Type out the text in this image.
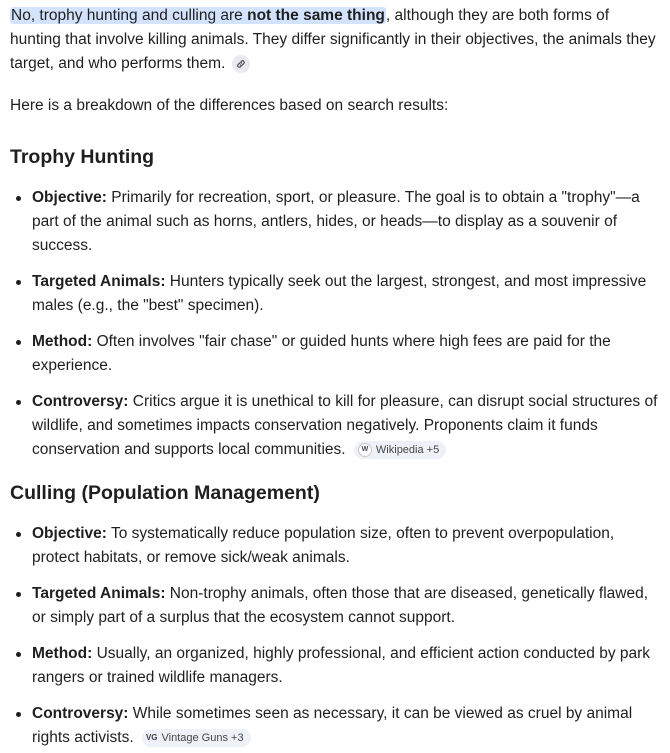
No, trophy hunting and culling are not the same thing, although they are both forms of hunting that involve killing animals. They differ significantly in their objectives, the animals they target, and who performs them.

Here is a breakdown of the differences based on search results:

Trophy Hunting
Objective: Primarily for recreation, sport, or pleasure. The goal is to obtain a "trophy"—a part of the animal such as horns, antlers, hides, or heads—to display as a souvenir of success.
Targeted Animals: Hunters typically seek out the largest, strongest, and most impressive males (e.g., the "best" specimen).
Method: Often involves "fair chase" or guided hunts where high fees are paid for the experience.
Controversy: Critics argue it is unethical to kill for pleasure, can disrupt social structures of wildlife, and sometimes impacts conservation negatively. Proponents claim it funds conservation and supports local communities.	W Wikipedia +5
Culling (Population Management)
Objective: To systematically reduce population size, often to prevent overpopulation, protect habitats, or remove sick/weak animals.
Targeted Animals: Non-trophy animals, often those that are diseased, genetically flawed, or simply part of a surplus that the ecosystem cannot support.
Method: Usually, an organized, highly professional, and efficient action conducted by park rangers or trained wildlife managers.
Controversy: While sometimes seen as necessary, it can be viewed as cruel by animal rights activists. VG Vintage Guns +3
